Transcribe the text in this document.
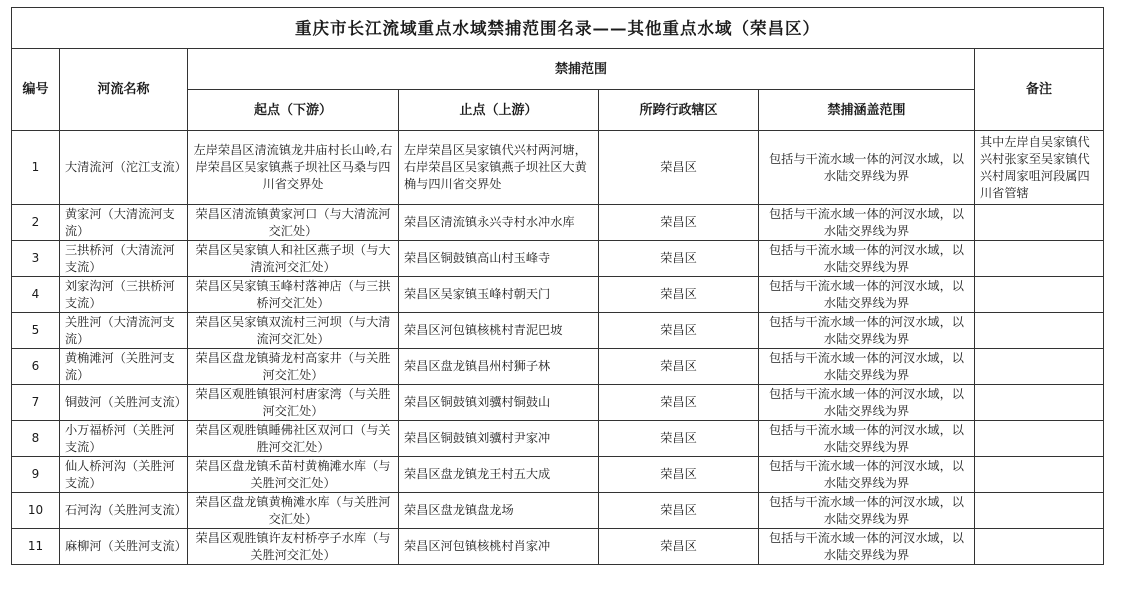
重庆市长江流域重点水域禁捕范围名录——其他重点水域（荣昌区）						
编号	河流名称	禁捕范围				备注
		起点（下游）	止点（上游）	所跨行政辖区	禁捕涵盖范围	
1	大清流河（沱江支流）	左岸荣昌区清流镇龙井庙村长山岭,右岸荣昌区吴家镇燕子坝社区马桑与四川省交界处	左岸荣昌区吴家镇代兴村两河塘，右岸荣昌区吴家镇燕子坝社区大黄桷与四川省交界处	荣昌区	包括与干流水域一体的河汊水域，以水陆交界线为界	其中左岸自吴家镇代兴村张家至吴家镇代兴村周家咀河段属四川省管辖
2	黄家河（大清流河支流）	荣昌区清流镇黄家河口（与大清流河交汇处）	荣昌区清流镇永兴寺村水冲水库	荣昌区	包括与干流水域一体的河汊水域，以水陆交界线为界	
3	三拱桥河（大清流河支流）	荣昌区吴家镇人和社区燕子坝（与大清流河交汇处）	荣昌区铜鼓镇高山村玉峰寺	荣昌区	包括与干流水域一体的河汊水域，以水陆交界线为界	
4	刘家沟河（三拱桥河支流）	荣昌区吴家镇玉峰村落神店（与三拱桥河交汇处）	荣昌区吴家镇玉峰村朝天门	荣昌区	包括与干流水域一体的河汊水域，以水陆交界线为界	
5	关胜河（大清流河支流）	荣昌区吴家镇双流村三河坝（与大清流河交汇处）	荣昌区河包镇核桃村青泥巴坡	荣昌区	包括与干流水域一体的河汊水域，以水陆交界线为界	
6	黄桷滩河（关胜河支流）	荣昌区盘龙镇骑龙村高家井（与关胜河交汇处）	荣昌区盘龙镇昌州村狮子林	荣昌区	包括与干流水域一体的河汊水域，以水陆交界线为界	
7	铜鼓河（关胜河支流）	荣昌区观胜镇银河村唐家湾（与关胜河交汇处）	荣昌区铜鼓镇刘骥村铜鼓山	荣昌区	包括与干流水域一体的河汊水域，以水陆交界线为界	
8	小万福桥河（关胜河支流）	荣昌区观胜镇睡佛社区双河口（与关胜河交汇处）	荣昌区铜鼓镇刘骥村尹家冲	荣昌区	包括与干流水域一体的河汊水域，以水陆交界线为界	
9	仙人桥河沟（关胜河支流）	荣昌区盘龙镇禾苗村黄桷滩水库（与关胜河交汇处）	荣昌区盘龙镇龙王村五大成	荣昌区	包括与干流水域一体的河汊水域，以水陆交界线为界	
10	石河沟（关胜河支流）	荣昌区盘龙镇黄桷滩水库（与关胜河交汇处）	荣昌区盘龙镇盘龙场	荣昌区	包括与干流水域一体的河汊水域，以水陆交界线为界	
11	麻柳河（关胜河支流）	荣昌区观胜镇许友村桥亭子水库（与关胜河交汇处）	荣昌区河包镇核桃村肖家冲	荣昌区	包括与干流水域一体的河汊水域，以水陆交界线为界	
